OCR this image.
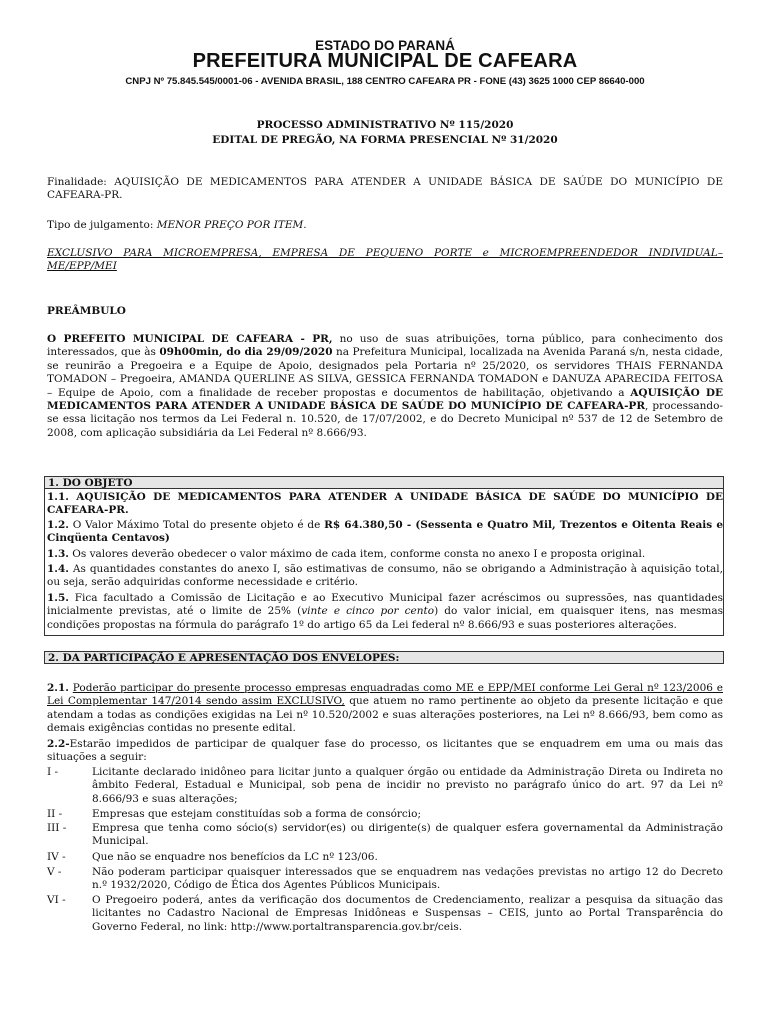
ESTADO DO PARANÁ
PREFEITURA MUNICIPAL DE CAFEARA
CNPJ Nº 75.845.545/0001-06 - AVENIDA BRASIL, 188 CENTRO CAFEARA PR - FONE (43) 3625 1000 CEP 86640-000
PROCESSO ADMINISTRATIVO Nº 115/2020
EDITAL DE PREGÃO, NA FORMA PRESENCIAL Nº 31/2020
Finalidade: AQUISIÇÃO DE MEDICAMENTOS PARA ATENDER A UNIDADE BÁSICA DE SAÚDE DO MUNICÍPIO DE CAFEARA-PR.
Tipo de julgamento: MENOR PREÇO POR ITEM.
EXCLUSIVO PARA MICROEMPRESA, EMPRESA DE PEQUENO PORTE e MICROEMPREENDEDOR INDIVIDUAL– ME/EPP/MEI
PREÂMBULO
O PREFEITO MUNICIPAL DE CAFEARA - PR, no uso de suas atribuições, torna público, para conhecimento dos interessados, que às 09h00min, do dia 29/09/2020 na Prefeitura Municipal, localizada na Avenida Paraná s/n, nesta cidade, se reunirão a Pregoeira e a Equipe de Apoio, designados pela Portaria nº 25/2020, os servidores THAIS FERNANDA TOMADON – Pregoeira, AMANDA QUERLINE AS SILVA, GESSICA FERNANDA TOMADON e DANUZA APARECIDA FEITOSA – Equipe de Apoio, com a finalidade de receber propostas e documentos de habilitação, objetivando a AQUISIÇÃO DE MEDICAMENTOS PARA ATENDER A UNIDADE BÁSICA DE SAÚDE DO MUNICÍPIO DE CAFEARA-PR, processando-se essa licitação nos termos da Lei Federal n. 10.520, de 17/07/2002, e do Decreto Municipal nº 537 de 12 de Setembro de 2008, com aplicação subsidiária da Lei Federal nº 8.666/93.
1. DO OBJETO
1.1. AQUISIÇÃO DE MEDICAMENTOS PARA ATENDER A UNIDADE BÁSICA DE SAÚDE DO MUNICÍPIO DE CAFEARA-PR.
1.2. O Valor Máximo Total do presente objeto é de R$ 64.380,50 - (Sessenta e Quatro Mil, Trezentos e Oitenta Reais e Cinqüenta Centavos)
1.3. Os valores deverão obedecer o valor máximo de cada item, conforme consta no anexo I e proposta original.
1.4. As quantidades constantes do anexo I, são estimativas de consumo, não se obrigando a Administração à aquisição total, ou seja, serão adquiridas conforme necessidade e critério.
1.5. Fica facultado a Comissão de Licitação e ao Executivo Municipal fazer acréscimos ou supressões, nas quantidades inicialmente previstas, até o limite de 25% (vinte e cinco por cento) do valor inicial, em quaisquer itens, nas mesmas condições propostas na fórmula do parágrafo 1º do artigo 65 da Lei federal nº 8.666/93 e suas posteriores alterações.
2. DA PARTICIPAÇÃO E APRESENTAÇÃO DOS ENVELOPES:
2.1. Poderão participar do presente processo empresas enquadradas como ME e EPP/MEI conforme Lei Geral nº 123/2006 e Lei Complementar 147/2014 sendo assim EXCLUSIVO, que atuem no ramo pertinente ao objeto da presente licitação e que atendam a todas as condições exigidas na Lei nº 10.520/2002 e suas alterações posteriores, na Lei nº 8.666/93, bem como as demais exigências contidas no presente edital.
2.2-Estarão impedidos de participar de qualquer fase do processo, os licitantes que se enquadrem em uma ou mais das situações a seguir:
I -	Licitante declarado inidôneo para licitar junto a qualquer órgão ou entidade da Administração Direta ou Indireta no âmbito Federal, Estadual e Municipal, sob pena de incidir no previsto no parágrafo único do art. 97 da Lei nº 8.666/93 e suas alterações;
II -	Empresas que estejam constituídas sob a forma de consórcio;
III -	Empresa que tenha como sócio(s) servidor(es) ou dirigente(s) de qualquer esfera governamental da Administração Municipal.
IV -	Que não se enquadre nos benefícios da LC nº 123/06.
V -	Não poderam participar quaisquer interessados que se enquadrem nas vedações previstas no artigo 12 do Decreto n.º 1932/2020, Código de Ética dos Agentes Públicos Municipais.
VI -	O Pregoeiro poderá, antes da verificação dos documentos de Credenciamento, realizar a pesquisa da situação das licitantes no Cadastro Nacional de Empresas Inidôneas e Suspensas – CEIS, junto ao Portal Transparência do Governo Federal, no link: http://www.portaltransparencia.gov.br/ceis.
